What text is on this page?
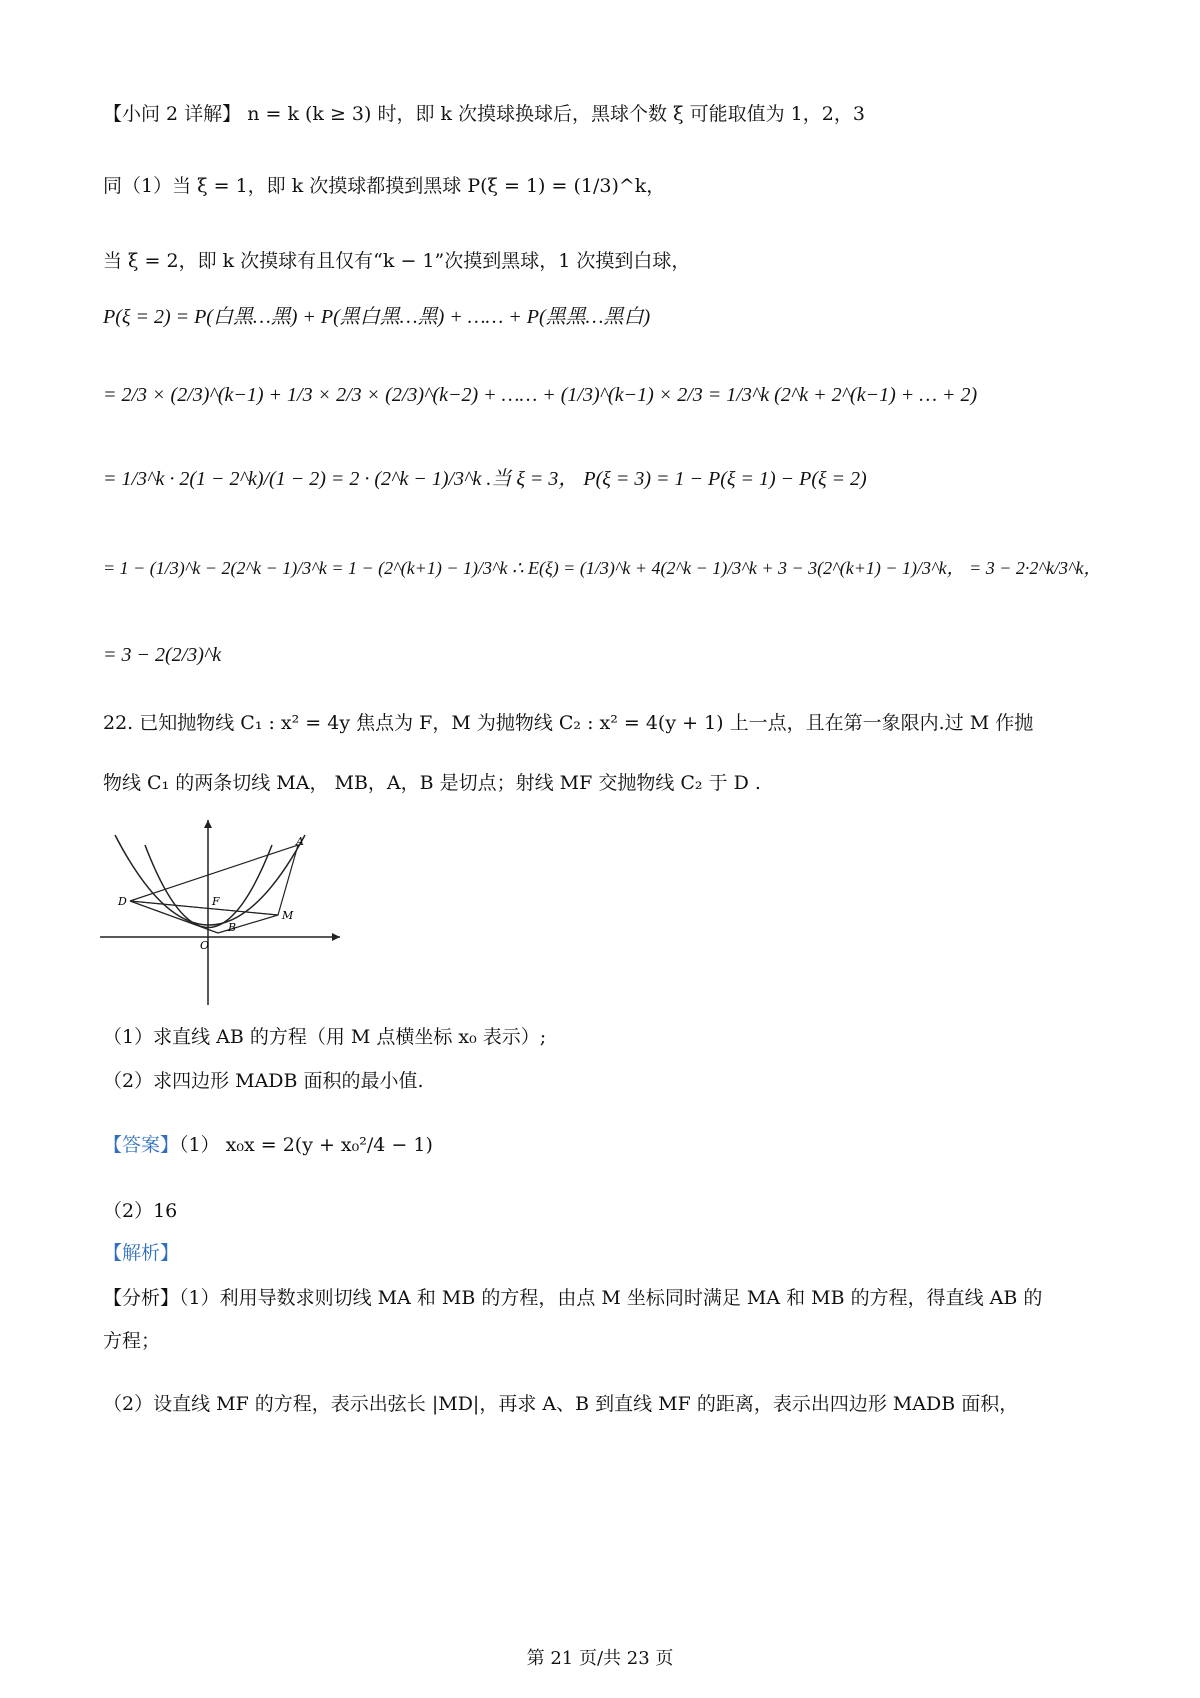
【小问 2 详解】 n = k (k ≥ 3) 时，即 k 次摸球换球后，黑球个数 ξ 可能取值为 1，2，3
同（1）当 ξ = 1，即 k 次摸球都摸到黑球 P(ξ = 1) = (1/3)^k，
当 ξ = 2，即 k 次摸球有且仅有“k − 1”次摸到黑球，1 次摸到白球，
P(ξ = 2) = P(白黑…黑) + P(黑白黑…黑) + …… + P(黑黑…黑白)
= 2/3 × (2/3)^(k−1) + 1/3 × 2/3 × (2/3)^(k−2) + …… + (1/3)^(k−1) × 2/3 = 1/3^k (2^k + 2^(k−1) + … + 2)
= 1/3^k · 2(1 − 2^k)/(1 − 2) = 2 · (2^k − 1)/3^k .当 ξ = 3， P(ξ = 3) = 1 − P(ξ = 1) − P(ξ = 2)
= 1 − (1/3)^k − 2(2^k − 1)/3^k = 1 − (2^(k+1) − 1)/3^k ∴ E(ξ) = (1/3)^k + 4(2^k − 1)/3^k + 3 − 3(2^(k+1) − 1)/3^k， = 3 − 2·2^k/3^k，
= 3 − 2(2/3)^k
22. 已知抛物线 C₁ : x² = 4y 焦点为 F，M 为抛物线 C₂ : x² = 4(y + 1) 上一点，且在第一象限内.过 M 作抛
物线 C₁ 的两条切线 MA， MB，A，B 是切点；射线 MF 交抛物线 C₂ 于 D .
A
B
D	F
M
O
（1）求直线 AB 的方程（用 M 点横坐标 x₀ 表示）;
（2）求四边形 MADB 面积的最小值.
【答案】（1） x₀x = 2(y + x₀²/4 − 1)
（2）16
【解析】
【分析】（1）利用导数求则切线 MA 和 MB 的方程，由点 M 坐标同时满足 MA 和 MB 的方程，得直线 AB 的
方程；
（2）设直线 MF 的方程，表示出弦长 |MD|，再求 A、B 到直线 MF 的距离，表示出四边形 MADB 面积，
第 21 页/共 23 页
